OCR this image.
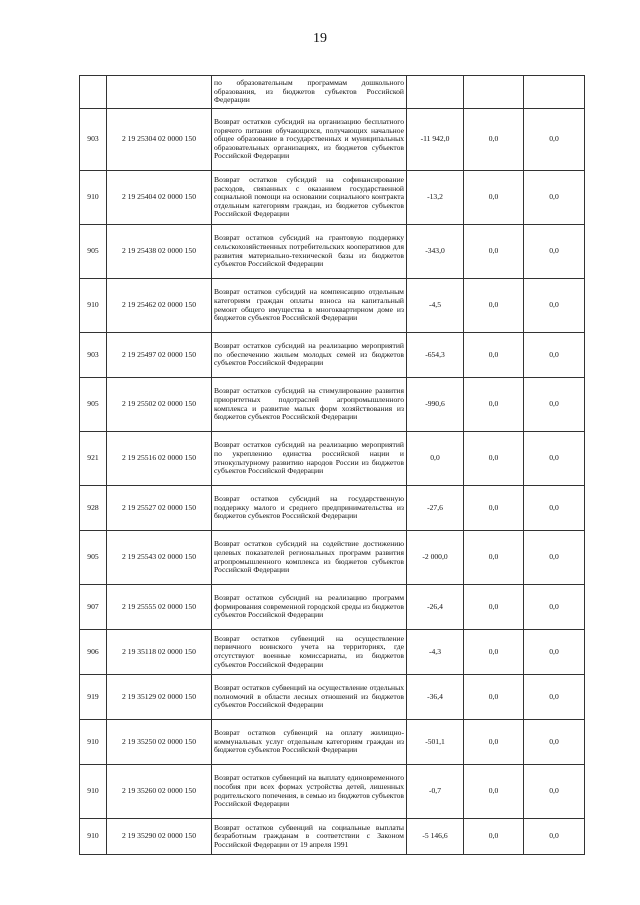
19
		по образовательным программам дошкольного образования, из бюджетов субъектов Российской Федерации			
903	2 19 25304 02 0000 150	Возврат остатков субсидий на организацию бесплатного горячего питания обучающихся, получающих начальное общее образование в государственных и муниципальных образовательных организациях, из бюджетов субъектов Российской Федерации	-11 942,0	0,0	0,0
910	2 19 25404 02 0000 150	Возврат остатков субсидий на софинансирование расходов, связанных с оказанием государственной социальной помощи на основании социального контракта отдельным категориям граждан, из бюджетов субъектов Российской Федерации	-13,2	0,0	0,0
905	2 19 25438 02 0000 150	Возврат остатков субсидий на грантовую поддержку сельскохозяйственных потребительских кооперативов для развития материально-технической базы из бюджетов субъектов Российской Федерации	-343,0	0,0	0,0
910	2 19 25462 02 0000 150	Возврат остатков субсидий на компенсацию отдельным категориям граждан оплаты взноса на капитальный ремонт общего имущества в многоквартирном доме из бюджетов субъектов Российской Федерации	-4,5	0,0	0,0
903	2 19 25497 02 0000 150	Возврат остатков субсидий на реализацию мероприятий по обеспечению жильем молодых семей из бюджетов субъектов Российской Федерации	-654,3	0,0	0,0
905	2 19 25502 02 0000 150	Возврат остатков субсидий на стимулирование развития приоритетных подотраслей агропромышленного комплекса и развитие малых форм хозяйствования из бюджетов субъектов Российской Федерации	-990,6	0,0	0,0
921	2 19 25516 02 0000 150	Возврат остатков субсидий на реализацию мероприятий по укреплению единства российской нации и этнокультурному развитию народов России из бюджетов субъектов Российской Федерации	0,0	0,0	0,0
928	2 19 25527 02 0000 150	Возврат остатков субсидий на государственную поддержку малого и среднего предпринимательства из бюджетов субъектов Российской Федерации	-27,6	0,0	0,0
905	2 19 25543 02 0000 150	Возврат остатков субсидий на содействие достижению целевых показателей региональных программ развития агропромышленного комплекса из бюджетов субъектов Российской Федерации	-2 000,0	0,0	0,0
907	2 19 25555 02 0000 150	Возврат остатков субсидий на реализацию программ формирования современной городской среды из бюджетов субъектов Российской Федерации	-26,4	0,0	0,0
906	2 19 35118 02 0000 150	Возврат остатков субвенций на осуществление первичного воинского учета на территориях, где отсутствуют военные комиссариаты, из бюджетов субъектов Российской Федерации	-4,3	0,0	0,0
919	2 19 35129 02 0000 150	Возврат остатков субвенций на осуществление отдельных полномочий в области лесных отношений из бюджетов субъектов Российской Федерации	-36,4	0,0	0,0
910	2 19 35250 02 0000 150	Возврат остатков субвенций на оплату жилищно-коммунальных услуг отдельным категориям граждан из бюджетов субъектов Российской Федерации	-501,1	0,0	0,0
910	2 19 35260 02 0000 150	Возврат остатков субвенций на выплату единовременного пособия при всех формах устройства детей, лишенных родительского попечения, в семью из бюджетов субъектов Российской Федерации	-0,7	0,0	0,0
910	2 19 35290 02 0000 150	Возврат остатков субвенций на социальные выплаты безработным гражданам в соответствии с Законом Российской Федерации от 19 апреля 1991	-5 146,6	0,0	0,0
